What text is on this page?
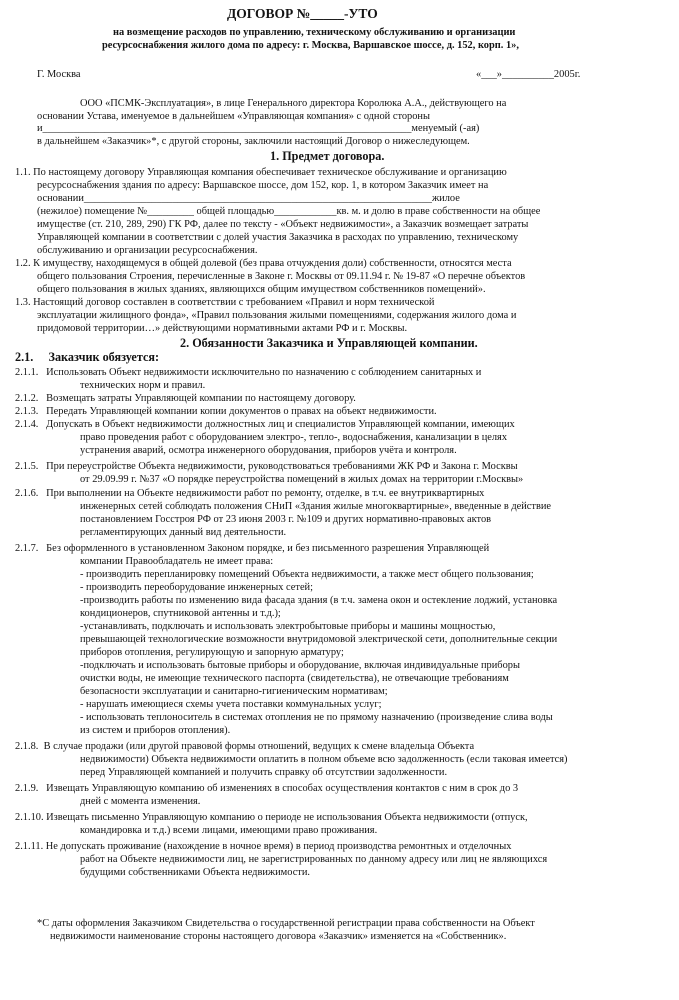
ДОГОВОР №_____-УТО
на возмещение расходов по управлению, техническому обслуживанию и организации
ресурсоснабжения жилого дома по адресу: г. Москва, Варшавское шоссе, д. 152, корп. 1»,
Г. Москва	«___»__________2005г.
ООО «ПСМК-Эксплуатация», в лице Генерального директора Королюка А.А., действующего на
основании Устава, именуемое в дальнейшем «Управляющая компания» с одной стороны
и_______________________________________________________________________менуемый (-ая)
в дальнейшем «Заказчик»*, с другой стороны, заключили настоящий Договор о нижеследующем.
1. Предмет договора.
1.1. По настоящему договору Управляющая компания обеспечивает техническое обслуживание и организацию
ресурсоснабжения здания по адресу: Варшавское шоссе, дом 152, кор. 1, в котором Заказчик имеет на
основании___________________________________________________________________жилое
(нежилое) помещение №_________ общей площадью____________кв. м. и долю в праве собственности на общее
имуществе (ст. 210, 289, 290) ГК РФ, далее по тексту - «Объект недвижимости», а Заказчик возмещает затраты
Управляющей компании в соответствии с долей участия Заказчика в расходах по управлению, техническому
обслуживанию и организации ресурсоснабжения.
1.2. К имуществу, находящемуся в общей долевой (без права отчуждения доли) собственности, относятся места
общего пользования Строения, перечисленные в Законе г. Москвы от 09.11.94 г. № 19-87 «О перечне объектов
общего пользования в жилых зданиях, являющихся общим имуществом собственников помещений».
1.3. Настоящий договор составлен в соответствии с требованием «Правил и норм технической
эксплуатации жилищного фонда», «Правил пользования жилыми помещениями, содержания жилого дома и
придомовой территории…» действующими нормативными актами РФ и г. Москвы.
2. Обязанности Заказчика и Управляющей компании.
2.1.     Заказчик обязуется:
2.1.1.   Использовать Объект недвижимости исключительно по назначению с соблюдением санитарных и
технических норм и правил.
2.1.2.   Возмещать затраты Управляющей компании по настоящему договору.
2.1.3.   Передать Управляющей компании копии документов о правах на объект недвижимости.
2.1.4.   Допускать в Объект недвижимости должностных лиц и специалистов Управляющей компании, имеющих
право проведения работ с оборудованием электро-, тепло-, водоснабжения, канализации в целях
устранения аварий, осмотра инженерного оборудования, приборов учёта и контроля.
2.1.5.   При переустройстве Объекта недвижимости, руководствоваться требованиями ЖК РФ и Закона г. Москвы
от 29.09.99 г. №37 «О порядке переустройства помещений в жилых домах на территории г.Москвы»
2.1.6.   При выполнении на Объекте недвижимости работ по ремонту, отделке, в т.ч. ее внутриквартирных
инженерных сетей соблюдать положения СНиП «Здания жилые многоквартирные», введенные в действие
постановлением Госстроя РФ от 23 июня 2003 г. №109 и других нормативно-правовых актов
регламентирующих данный вид деятельности.
2.1.7.   Без оформленного в установленном Законом порядке, и без письменного разрешения Управляющей
компании Правообладатель не имеет права:
- производить перепланировку помещений Объекта недвижимости, а также мест общего пользования;
- производить переоборудование инженерных сетей;
-производить работы по изменению вида фасада здания (в т.ч. замена окон и остекление лоджий, установка
кондиционеров, спутниковой антенны и т.д.);
-устанавливать, подключать и использовать электробытовые приборы и машины мощностью,
превышающей технологические возможности внутридомовой электрической сети, дополнительные секции
приборов отопления, регулирующую и запорную арматуру;
-подключать и использовать бытовые приборы и оборудование, включая индивидуальные приборы
очистки воды, не имеющие технического паспорта (свидетельства), не отвечающие требованиям
безопасности эксплуатации и санитарно-гигиеническим нормативам;
- нарушать имеющиеся схемы учета поставки коммунальных услуг;
- использовать теплоноситель в системах отопления не по прямому назначению (произведение слива воды
из систем и приборов отопления).
2.1.8.  В случае продажи (или другой правовой формы отношений, ведущих к смене владельца Объекта
недвижимости) Объекта недвижимости оплатить в полном объеме всю задолженность (если таковая имеется)
перед Управляющей компанией и получить справку об отсутствии задолженности.
2.1.9.   Извещать Управляющую компанию об изменениях в способах осуществления контактов с ним в срок до 3
дней с момента изменения.
2.1.10. Извещать письменно Управляющую компанию о периоде не использования Объекта недвижимости (отпуск,
командировка и т.д.) всеми лицами, имеющими право проживания.
2.1.11. Не допускать проживание (нахождение в ночное время) в период производства ремонтных и отделочных
работ на Объекте недвижимости лиц, не зарегистрированных по данному адресу или лиц не являющихся
будущими собственниками Объекта недвижимости.
*С даты оформления Заказчиком Свидетельства о государственной регистрации права собственности на Объект
недвижимости наименование стороны настоящего договора «Заказчик» изменяется на «Собственник».
